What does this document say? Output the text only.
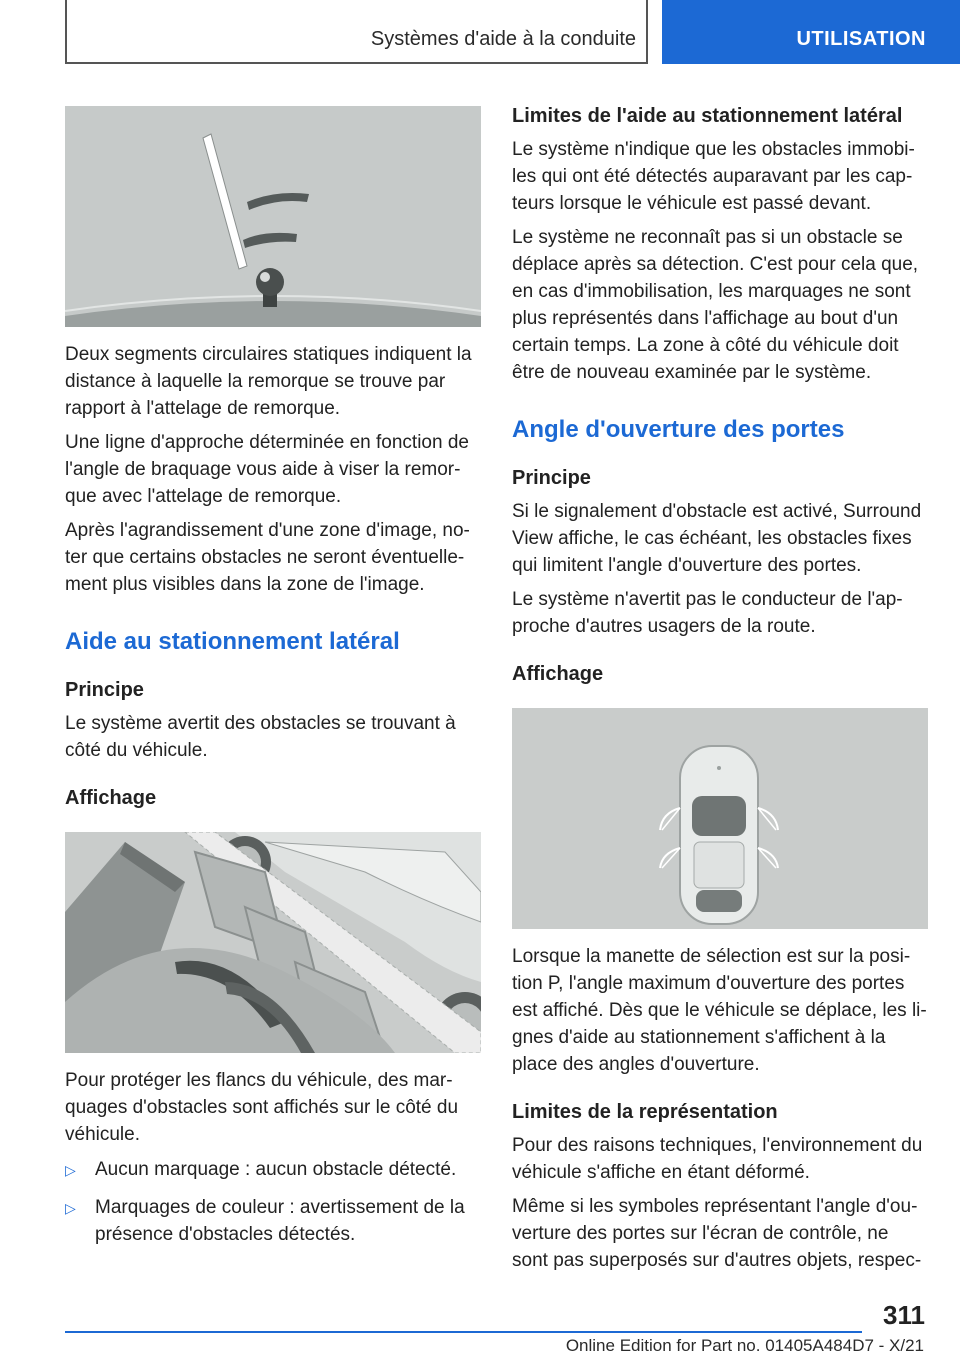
Systèmes d'aide à la conduite	UTILISATION

Deux segments circulaires statiques indiquent la distance à laquelle la remorque se trouve par rapport à l'attelage de remorque.

Une ligne d'approche déterminée en fonction de l'angle de braquage vous aide à viser la remor- que avec l'attelage de remorque.

Après l'agrandissement d'une zone d'image, no- ter que certains obstacles ne seront éventuelle- ment plus visibles dans la zone de l'image.

Aide au stationnement latéral
Principe

Le système avertit des obstacles se trouvant à côté du véhicule.

Affichage

Pour protéger les flancs du véhicule, des mar- quages d'obstacles sont affichés sur le côté du véhicule.

▷	Aucun marquage : aucun obstacle détecté.
▷	Marquages de couleur : avertissement de la présence d'obstacles détectés.
Limites de l'aide au stationnement latéral

Le système n'indique que les obstacles immobi- les qui ont été détectés auparavant par les cap- teurs lorsque le véhicule est passé devant.

Le système ne reconnaît pas si un obstacle se déplace après sa détection. C'est pour cela que, en cas d'immobilisation, les marquages ne sont plus représentés dans l'affichage au bout d'un certain temps. La zone à côté du véhicule doit être de nouveau examinée par le système.

Angle d'ouverture des portes
Principe

Si le signalement d'obstacle est activé, Surround View affiche, le cas échéant, les obstacles fixes qui limitent l'angle d'ouverture des portes.

Le système n'avertit pas le conducteur de l'ap- proche d'autres usagers de la route.

Affichage

Lorsque la manette de sélection est sur la posi- tion P, l'angle maximum d'ouverture des portes est affiché. Dès que le véhicule se déplace, les li- gnes d'aide au stationnement s'affichent à la place des angles d'ouverture.

Limites de la représentation

Pour des raisons techniques, l'environnement du véhicule s'affiche en étant déformé.

Même si les symboles représentant l'angle d'ou- verture des portes sur l'écran de contrôle, ne sont pas superposés sur d'autres objets, respec-

311
Online Edition for Part no. 01405A484D7 - X/21
